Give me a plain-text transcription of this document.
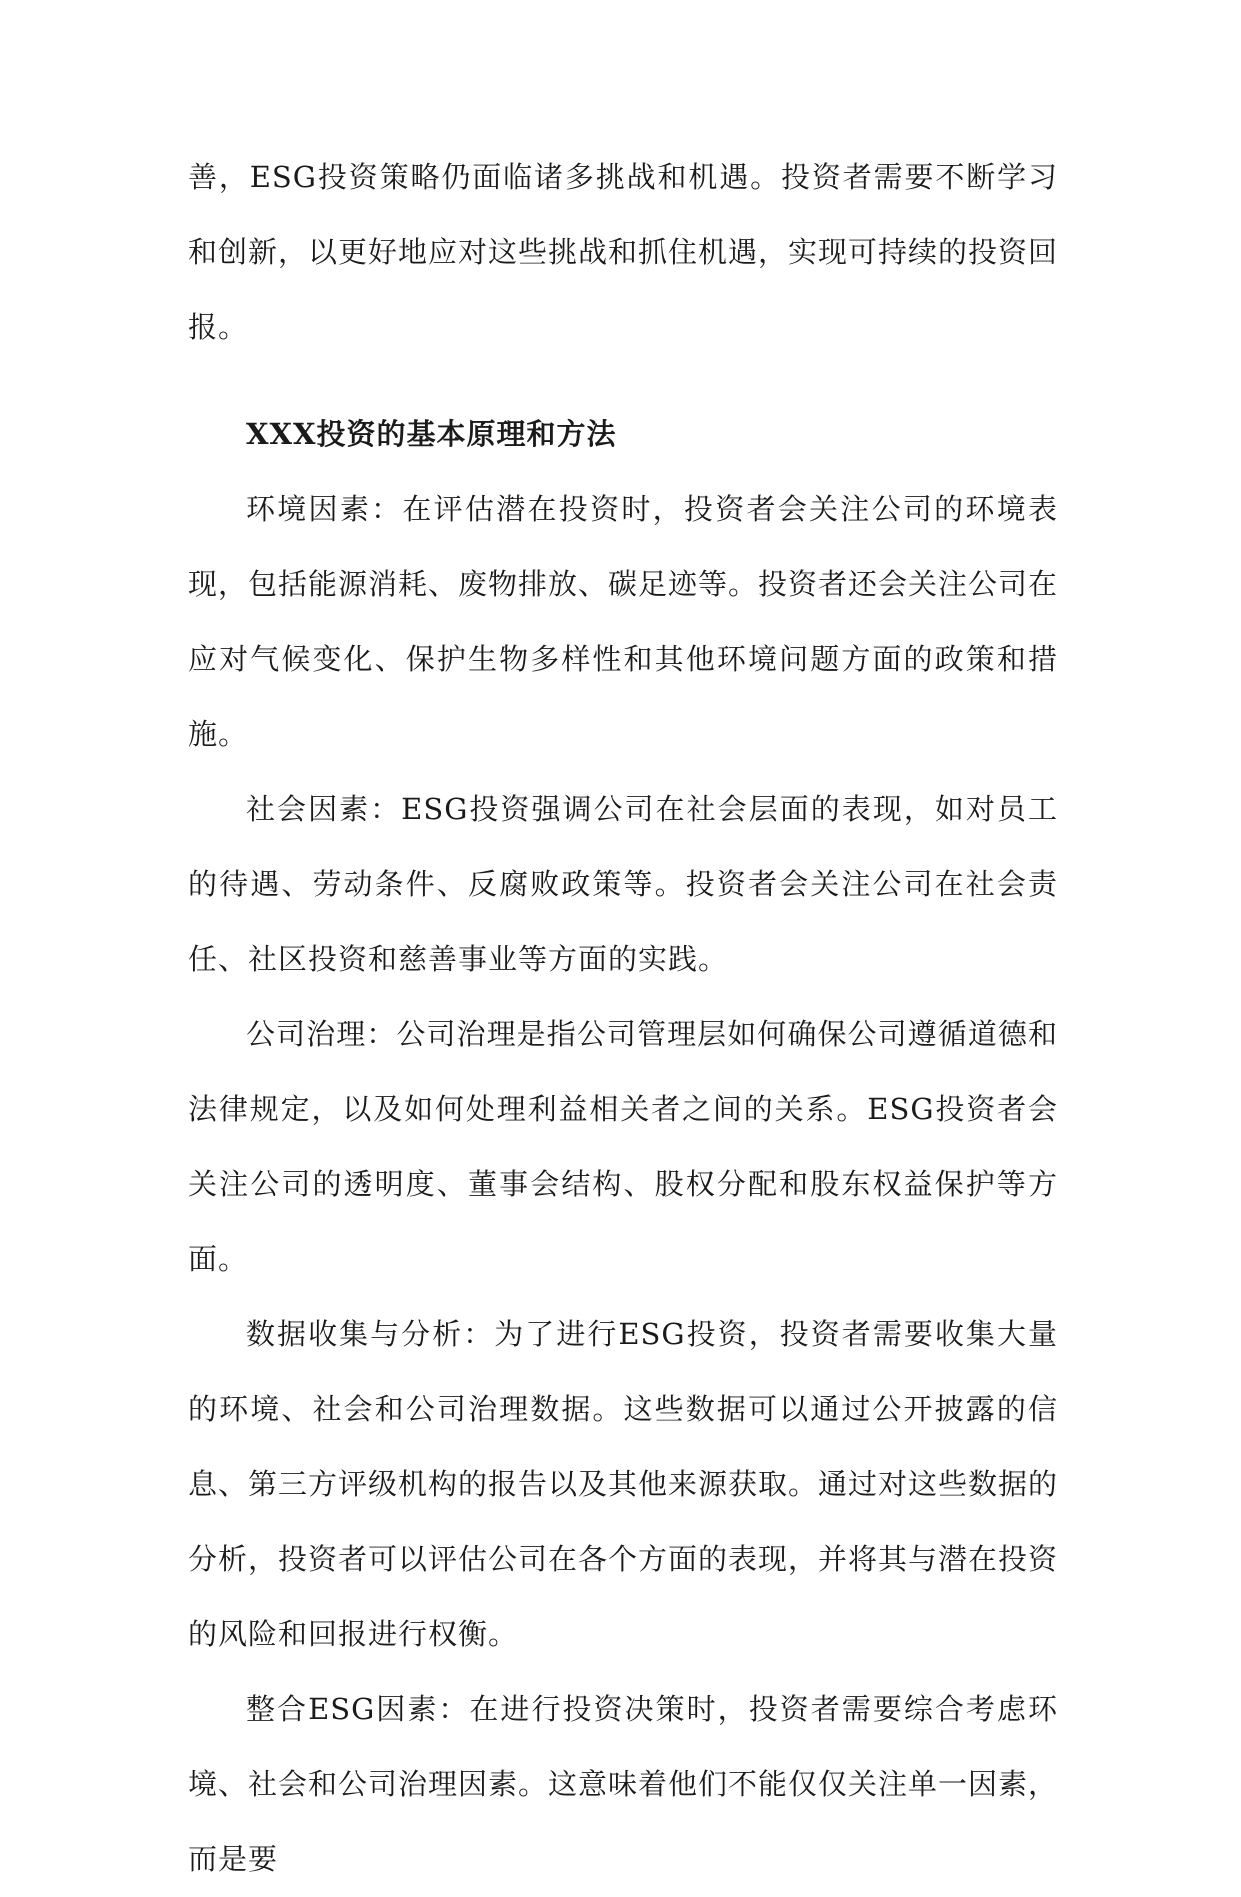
善，ESG投资策略仍面临诸多挑战和机遇。投资者需要不断学习和创新，以更好地应对这些挑战和抓住机遇，实现可持续的投资回报。

XXX投资的基本原理和方法

环境因素：在评估潜在投资时，投资者会关注公司的环境表现，包括能源消耗、废物排放、碳足迹等。投资者还会关注公司在应对气候变化、保护生物多样性和其他环境问题方面的政策和措施。

社会因素：ESG投资强调公司在社会层面的表现，如对员工的待遇、劳动条件、反腐败政策等。投资者会关注公司在社会责任、社区投资和慈善事业等方面的实践。

公司治理：公司治理是指公司管理层如何确保公司遵循道德和法律规定，以及如何处理利益相关者之间的关系。ESG投资者会关注公司的透明度、董事会结构、股权分配和股东权益保护等方面。

数据收集与分析：为了进行ESG投资，投资者需要收集大量的环境、社会和公司治理数据。这些数据可以通过公开披露的信息、第三方评级机构的报告以及其他来源获取。通过对这些数据的分析，投资者可以评估公司在各个方面的表现，并将其与潜在投资的风险和回报进行权衡。

整合ESG因素：在进行投资决策时，投资者需要综合考虑环境、社会和公司治理因素。这意味着他们不能仅仅关注单一因素，而是要
